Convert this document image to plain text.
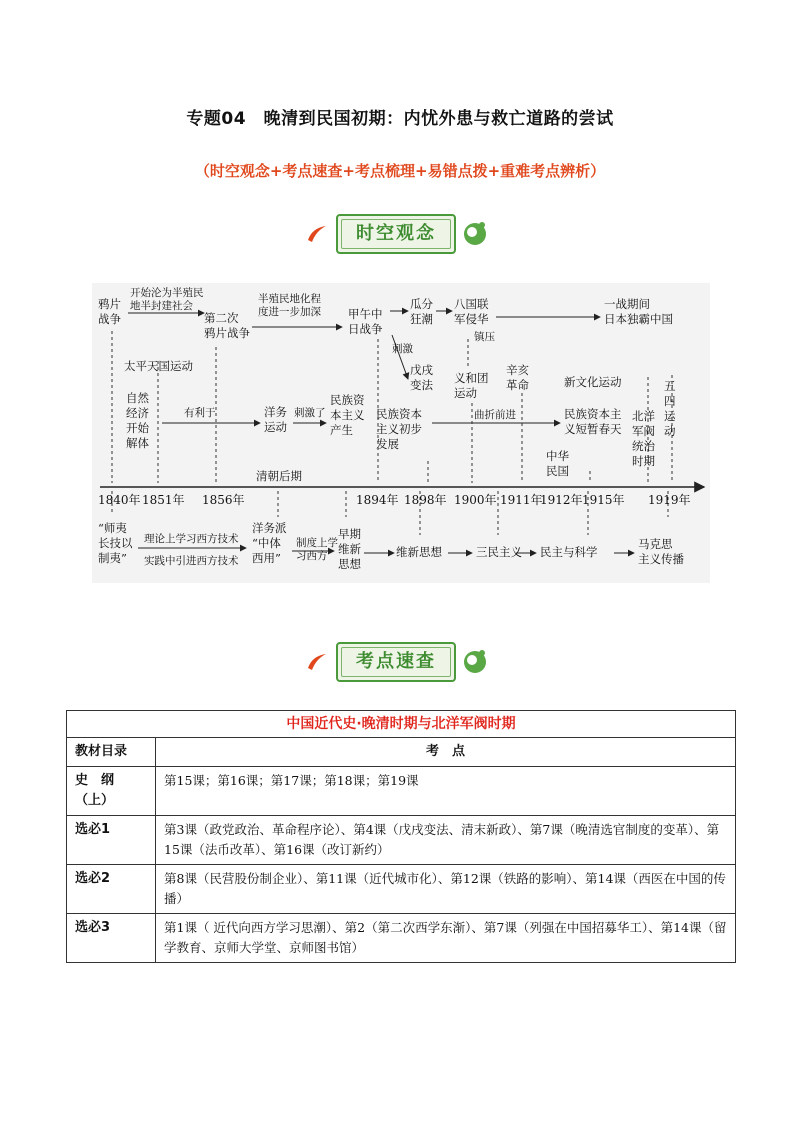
专题04　晚清到民国初期：内忧外患与救亡道路的尝试
（时空观念+考点速查+考点梳理+易错点拨+重难考点辨析）
时空观念
鸦片
战争
开始沦为半殖民
地半封建社会
第二次
鸦片战争
半殖民地化程
度进一步加深 甲午中
日战争
瓜分
狂潮
八国联
军侵华
镇压
一战期间
日本独霸中国
刺激
太平天国运动
自然
经济
开始
解体
有利于	洋务
运动
刺激了
民族资
本主义
产生
民族资本
主义初步
发展
戊戌
变法 义和团
运动
辛亥
革命
曲折前进
新文化运动
民族资本主
义短暂春天
中华
民国
北洋
军阀
统治
时期
五
四
运
动
清朝后期
1840年 1851年 1856年	1894年 1898年 1900年 1911年
1912年 1915年 1919年
“师夷
长技以
制夷”
理论上学习西方技术
实践中引进西方技术
洋务派
“中体
西用”
制度上学
习西方
早期
维新
思想
维新思想	三民主义 民主与科学
马克思
主义传播
考点速查
中国近代史·晚清时期与北洋军阀时期	
教材目录	考　点
史　纲
（上）	第15课；第16课；第17课；第18课；第19课
选必1	第3课（政党政治、革命程序论）、第4课（戊戌变法、清末新政）、第7课（晚清选官制度的变革）、第15课（法币改革）、第16课（改订新约）
选必2	第8课（民营股份制企业）、第11课（近代城市化）、第12课（铁路的影响）、第14课（西医在中国的传播）
选必3	第1课（ 近代向西方学习思潮）、第2（第二次西学东渐）、第7课（列强在中国招募华工）、第14课（留学教育、京师大学堂、京师图书馆）
